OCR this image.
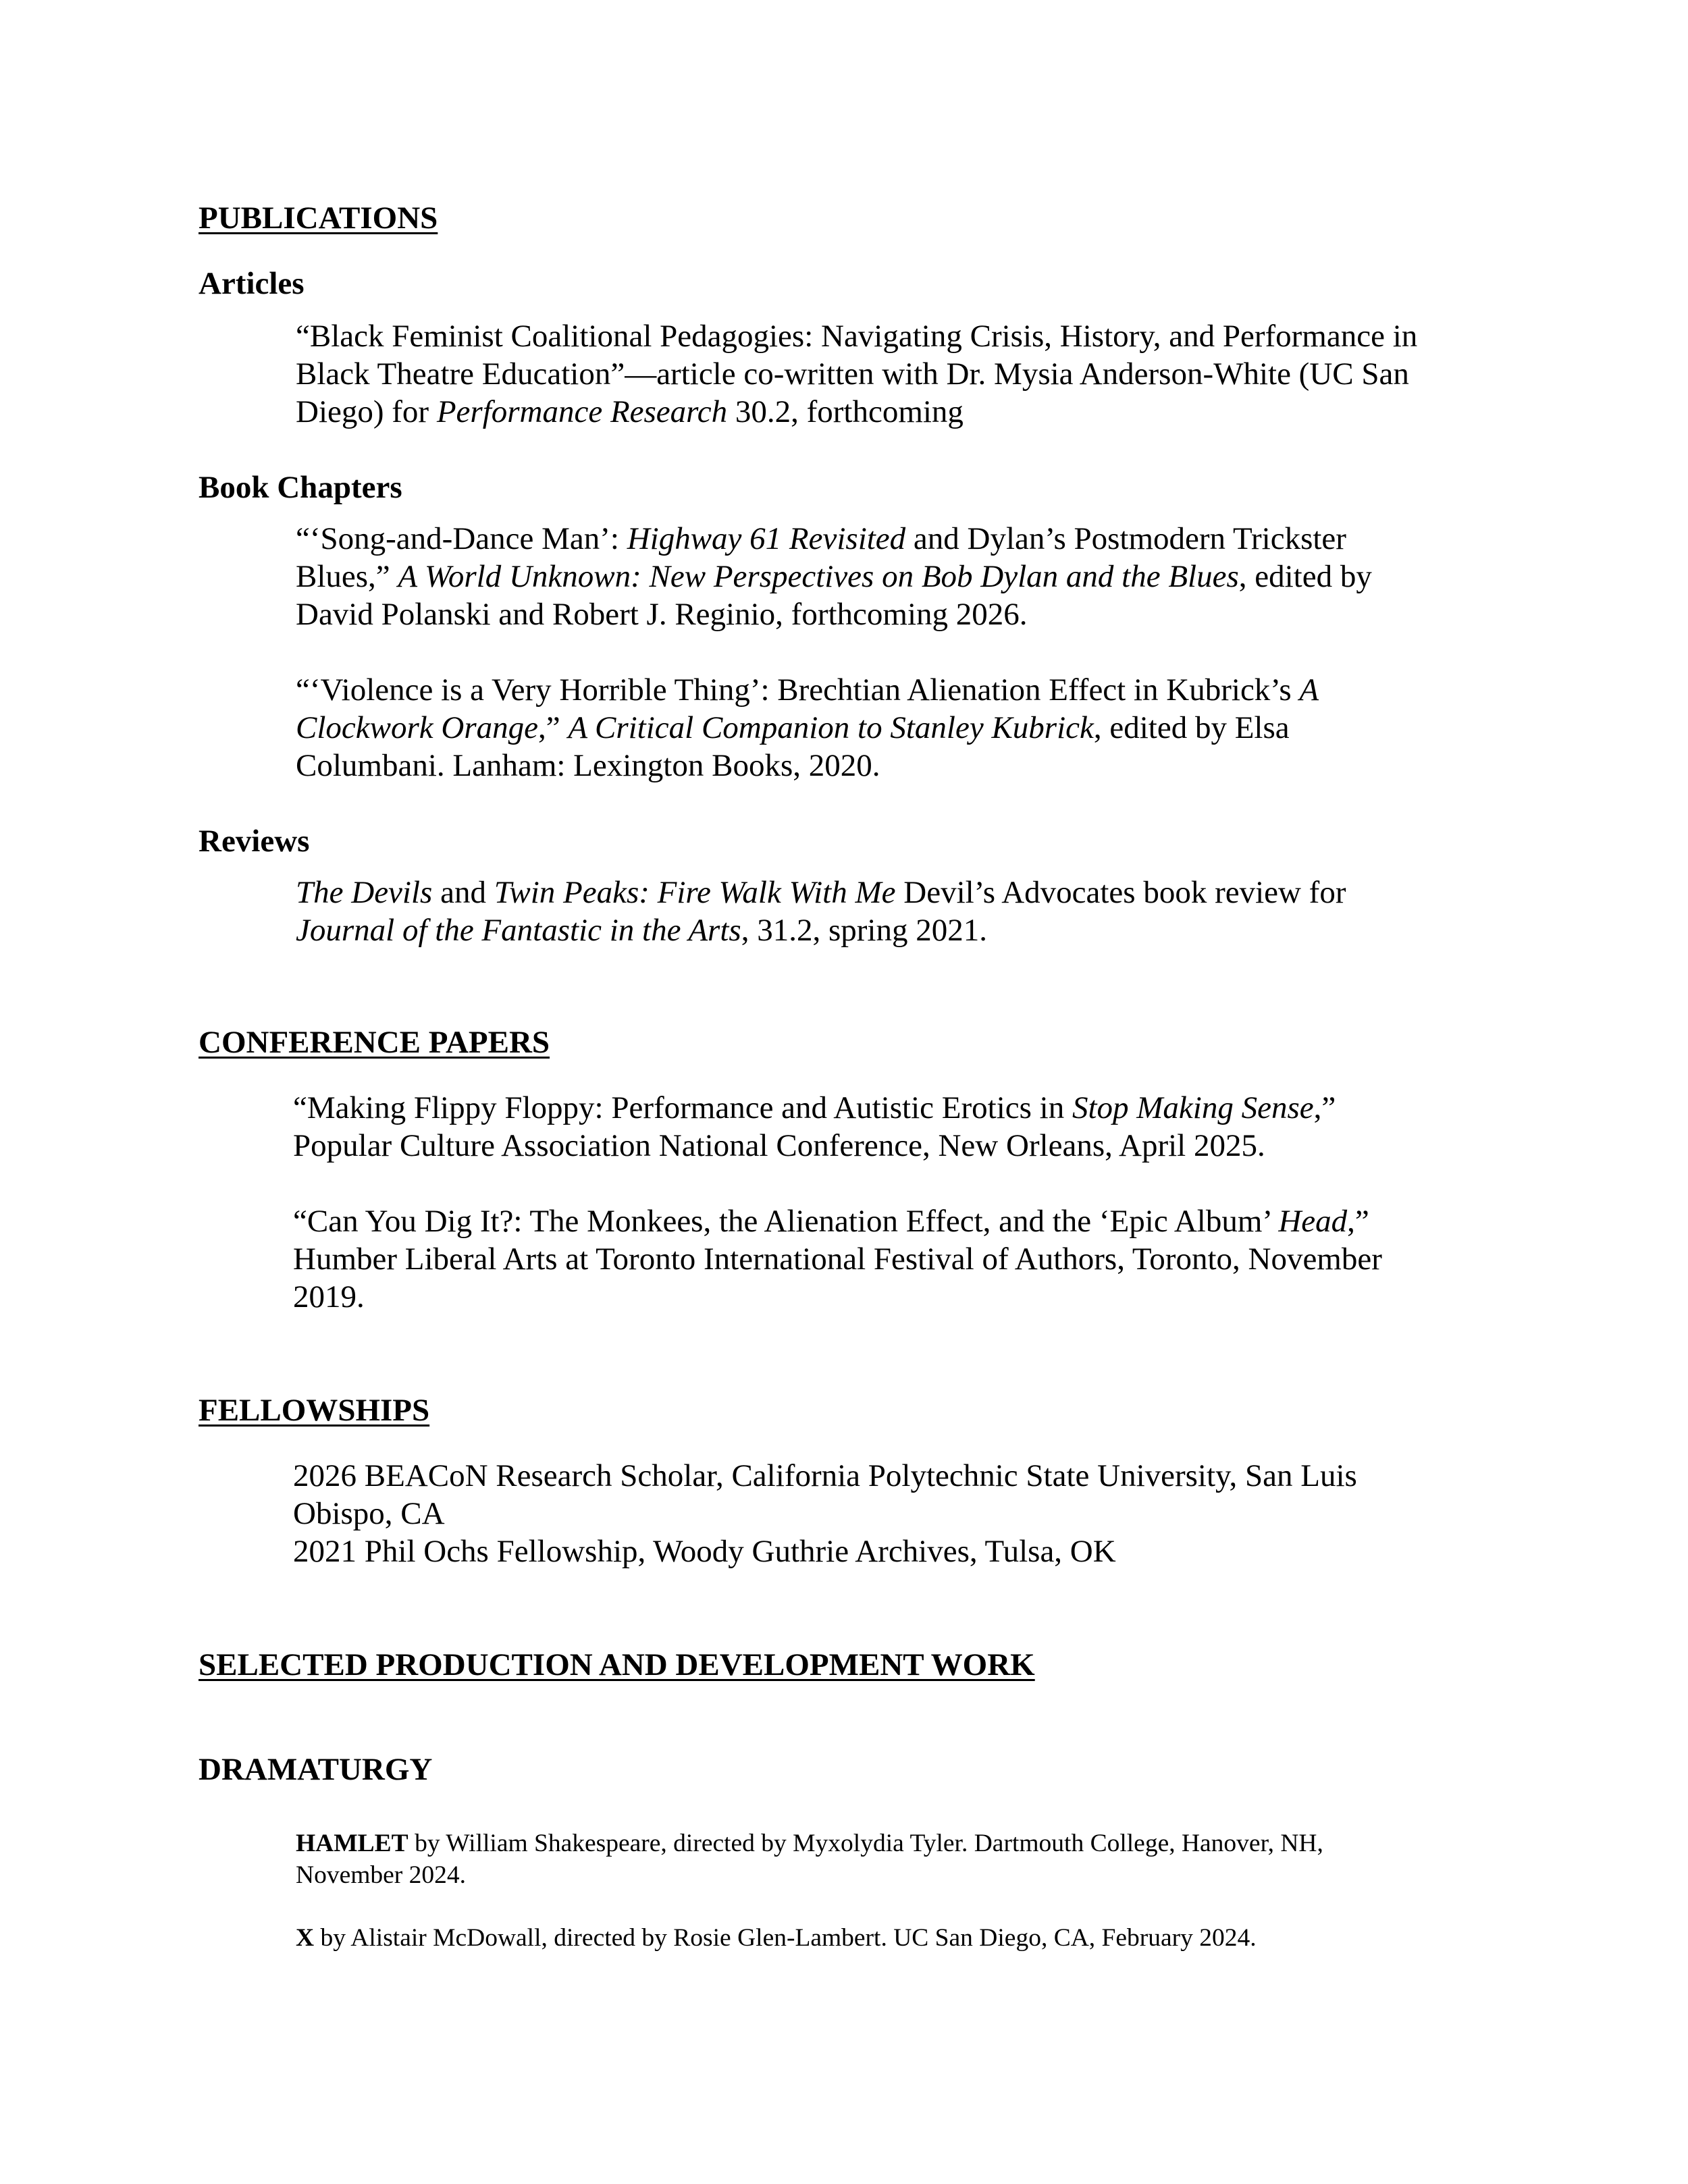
PUBLICATIONS
Articles

“Black Feminist Coalitional Pedagogies: Navigating Crisis, History, and Performance in
Black Theatre Education”—article co-written with Dr. Mysia Anderson-White (UC San
Diego) for Performance Research 30.2, forthcoming

Book Chapters

“‘Song-and-Dance Man’: Highway 61 Revisited and Dylan’s Postmodern Trickster
Blues,” A World Unknown: New Perspectives on Bob Dylan and the Blues, edited by
David Polanski and Robert J. Reginio, forthcoming 2026.

“‘Violence is a Very Horrible Thing’: Brechtian Alienation Effect in Kubrick’s A
Clockwork Orange,” A Critical Companion to Stanley Kubrick, edited by Elsa
Columbani. Lanham: Lexington Books, 2020.

Reviews

The Devils and Twin Peaks: Fire Walk With Me Devil’s Advocates book review for
Journal of the Fantastic in the Arts, 31.2, spring 2021.

CONFERENCE PAPERS

“Making Flippy Floppy: Performance and Autistic Erotics in Stop Making Sense,”
Popular Culture Association National Conference, New Orleans, April 2025.

“Can You Dig It?: The Monkees, the Alienation Effect, and the ‘Epic Album’ Head,”
Humber Liberal Arts at Toronto International Festival of Authors, Toronto, November
2019.

FELLOWSHIPS

2026 BEACoN Research Scholar, California Polytechnic State University, San Luis
Obispo, CA
2021 Phil Ochs Fellowship, Woody Guthrie Archives, Tulsa, OK

SELECTED PRODUCTION AND DEVELOPMENT WORK
DRAMATURGY

HAMLET by William Shakespeare, directed by Myxolydia Tyler. Dartmouth College, Hanover, NH,
November 2024.

X by Alistair McDowall, directed by Rosie Glen-Lambert. UC San Diego, CA, February 2024.
